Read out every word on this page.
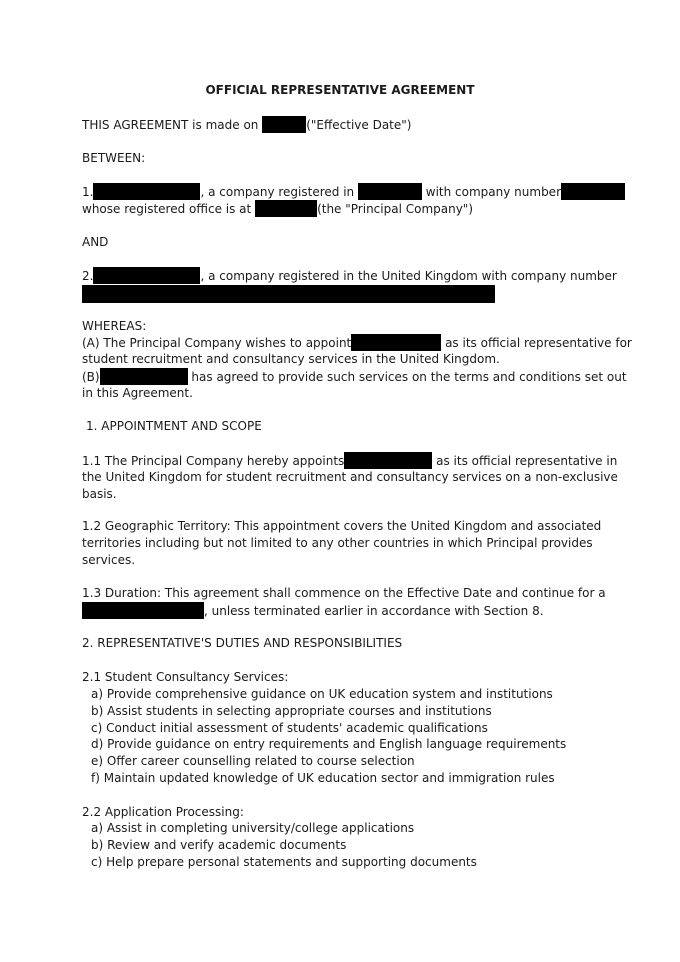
OFFICIAL REPRESENTATIVE AGREEMENT
THIS AGREEMENT is made on	("Effective Date")
BETWEEN:
1.	, a company registered in	with company number
whose registered office is at	(the "Principal Company")
AND
2.	, a company registered in the United Kingdom with company number
WHEREAS:
(A) The Principal Company wishes to appoint	as its official representative for
student recruitment and consultancy services in the United Kingdom.
(B)	has agreed to provide such services on the terms and conditions set out
in this Agreement.
1. APPOINTMENT AND SCOPE
1.1 The Principal Company hereby appoints	as its official representative in
the United Kingdom for student recruitment and consultancy services on a non-exclusive
basis.
1.2 Geographic Territory: This appointment covers the United Kingdom and associated
territories including but not limited to any other countries in which Principal provides
services.
1.3 Duration: This agreement shall commence on the Effective Date and continue for a
, unless terminated earlier in accordance with Section 8.
2. REPRESENTATIVE'S DUTIES AND RESPONSIBILITIES
2.1 Student Consultancy Services:
a) Provide comprehensive guidance on UK education system and institutions
b) Assist students in selecting appropriate courses and institutions
c) Conduct initial assessment of students' academic qualifications
d) Provide guidance on entry requirements and English language requirements
e) Offer career counselling related to course selection
f) Maintain updated knowledge of UK education sector and immigration rules
2.2 Application Processing:
a) Assist in completing university/college applications
b) Review and verify academic documents
c) Help prepare personal statements and supporting documents
